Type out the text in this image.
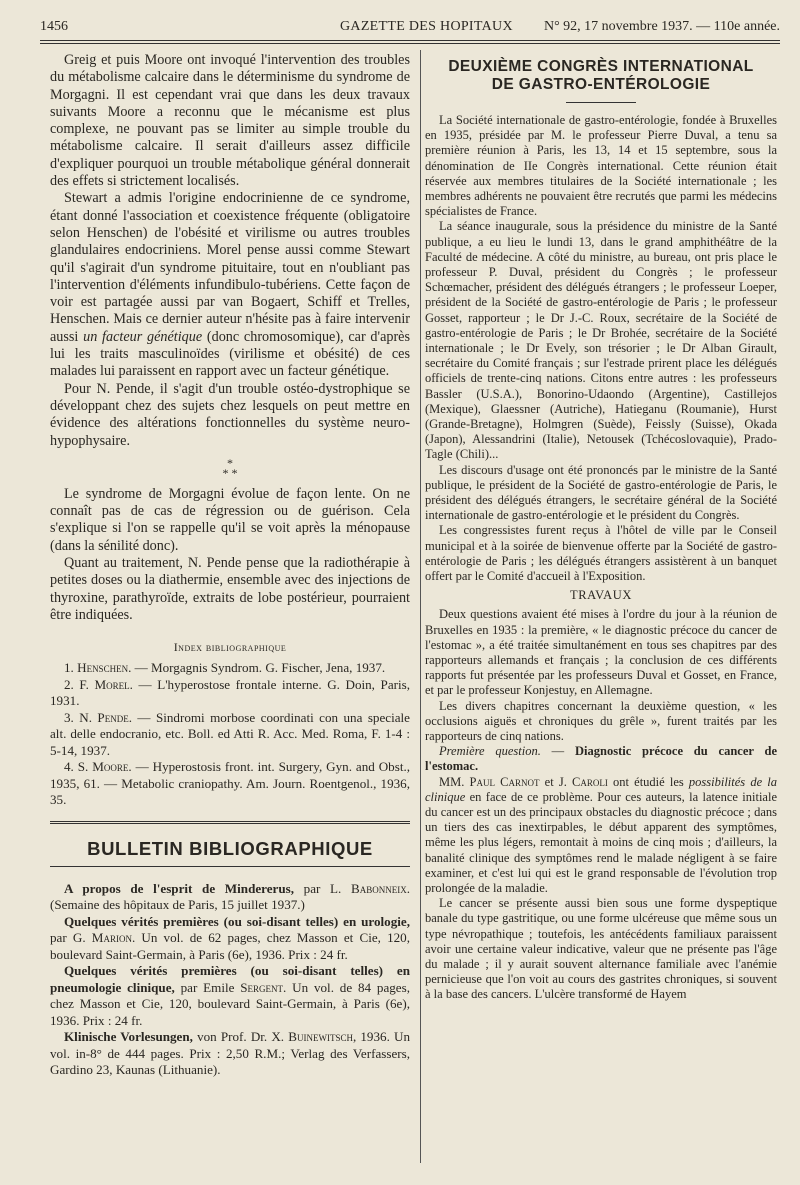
1456	GAZETTE DES HOPITAUX N° 92, 17 novembre 1937. — 110e année.

Greig et puis Moore ont invoqué l'intervention des troubles du métabolisme calcaire dans le déterminisme du syndrome de Morgagni. Il est cependant vrai que dans les deux travaux suivants Moore a reconnu que le mécanisme est plus complexe, ne pouvant pas se limiter au simple trouble du métabolisme calcaire. Il serait d'ailleurs assez difficile d'expliquer pourquoi un trouble métabolique général donnerait des effets si strictement localisés.

Stewart a admis l'origine endocrinienne de ce syndrome, étant donné l'association et coexistence fréquente (obligatoire selon Henschen) de l'obésité et virilisme ou autres troubles glandulaires endocriniens. Morel pense aussi comme Stewart qu'il s'agirait d'un syndrome pituitaire, tout en n'oubliant pas l'intervention d'éléments infundibulo-tubériens. Cette façon de voir est partagée aussi par van Bogaert, Schiff et Trelles, Henschen. Mais ce dernier auteur n'hésite pas à faire intervenir aussi un facteur génétique (donc chromosomique), car d'après lui les traits masculinoïdes (virilisme et obésité) de ces malades lui paraissent en rapport avec un facteur génétique.

Pour N. Pende, il s'agit d'un trouble ostéo-dystrophique se développant chez des sujets chez lesquels on peut mettre en évidence des altérations fonctionnelles du système neuro-hypophysaire.

*
* *

Le syndrome de Morgagni évolue de façon lente. On ne connaît pas de cas de régression ou de guérison. Cela s'explique si l'on se rappelle qu'il se voit après la ménopause (dans la sénilité donc).

Quant au traitement, N. Pende pense que la radiothérapie à petites doses ou la diathermie, ensemble avec des injections de thyroxine, parathyroïde, extraits de lobe postérieur, pourraient être indiquées.

Index bibliographique

1. Henschen. — Morgagnis Syndrom. G. Fischer, Jena, 1937.

2. F. Morel. — L'hyperostose frontale interne. G. Doin, Paris, 1931.

3. N. Pende. — Sindromi morbose coordinati con una speciale alt. delle endocranio, etc. Boll. ed Atti R. Acc. Med. Roma, F. 1-4 : 5-14, 1937.

4. S. Moore. — Hyperostosis front. int. Surgery, Gyn. and Obst., 1935, 61. — Metabolic craniopathy. Am. Journ. Roentgenol., 1936, 35.

BULLETIN BIBLIOGRAPHIQUE

A propos de l'esprit de Mindererus, par L. Babonneix. (Semaine des hôpitaux de Paris, 15 juillet 1937.)

Quelques vérités premières (ou soi-disant telles) en urologie, par G. Marion. Un vol. de 62 pages, chez Masson et Cie, 120, boulevard Saint-Germain, à Paris (6e), 1936. Prix : 24 fr.

Quelques vérités premières (ou soi-disant telles) en pneumologie clinique, par Emile Sergent. Un vol. de 84 pages, chez Masson et Cie, 120, boulevard Saint-Germain, à Paris (6e), 1936. Prix : 24 fr.

Klinische Vorlesungen, von Prof. Dr. X. Buinewitsch, 1936. Un vol. in-8° de 444 pages. Prix : 2,50 R.M.; Verlag des Verfassers, Gardino 23, Kaunas (Lithuanie).

DEUXIÈME CONGRÈS INTERNATIONAL
DE GASTRO-ENTÉROLOGIE

La Société internationale de gastro-entérologie, fondée à Bruxelles en 1935, présidée par M. le professeur Pierre Duval, a tenu sa première réunion à Paris, les 13, 14 et 15 septembre, sous la dénomination de IIe Congrès international. Cette réunion était réservée aux membres titulaires de la Société internationale ; les membres adhérents ne pouvaient être recrutés que parmi les médecins spécialistes de France.

La séance inaugurale, sous la présidence du ministre de la Santé publique, a eu lieu le lundi 13, dans le grand amphithéâtre de la Faculté de médecine. A côté du ministre, au bureau, ont pris place le professeur P. Duval, président du Congrès ; le professeur Schœmacher, président des délégués étrangers ; le professeur Loeper, président de la Société de gastro-entérologie de Paris ; le professeur Gosset, rapporteur ; le Dr J.-C. Roux, secrétaire de la Société de gastro-entérologie de Paris ; le Dr Brohée, secrétaire de la Société internationale ; le Dr Evely, son trésorier ; le Dr Alban Girault, secrétaire du Comité français ; sur l'estrade prirent place les délégués officiels de trente-cinq nations. Citons entre autres : les professeurs Bassler (U.S.A.), Bonorino-Udaondo (Argentine), Castillejos (Mexique), Glaessner (Autriche), Hatieganu (Roumanie), Hurst (Grande-Bretagne), Holmgren (Suède), Feissly (Suisse), Okada (Japon), Alessandrini (Italie), Netousek (Tchécoslovaquie), Prado-Tagle (Chili)...

Les discours d'usage ont été prononcés par le ministre de la Santé publique, le président de la Société de gastro-entérologie de Paris, le président des délégués étrangers, le secrétaire général de la Société internationale de gastro-entérologie et le président du Congrès.

Les congressistes furent reçus à l'hôtel de ville par le Conseil municipal et à la soirée de bienvenue offerte par la Société de gastro-entérologie de Paris ; les délégués étrangers assistèrent à un banquet offert par le Comité d'accueil à l'Exposition.

TRAVAUX

Deux questions avaient été mises à l'ordre du jour à la réunion de Bruxelles en 1935 : la première, « le diagnostic précoce du cancer de l'estomac », a été traitée simultanément en tous ses chapitres par des rapporteurs allemands et français ; la conclusion de ces différents rapports fut présentée par les professeurs Duval et Gosset, en France, et par le professeur Konjestuy, en Allemagne.

Les divers chapitres concernant la deuxième question, « les occlusions aiguës et chroniques du grêle », furent traités par les rapporteurs de cinq nations.

Première question. — Diagnostic précoce du cancer de l'estomac.

MM. Paul Carnot et J. Caroli ont étudié les possibilités de la clinique en face de ce problème. Pour ces auteurs, la latence initiale du cancer est un des principaux obstacles du diagnostic précoce ; dans un tiers des cas inextirpables, le début apparent des symptômes, même les plus légers, remontait à moins de cinq mois ; d'ailleurs, la banalité clinique des symptômes rend le malade négligent à se faire examiner, et c'est lui qui est le grand responsable de l'évolution trop prolongée de la maladie.

Le cancer se présente aussi bien sous une forme dyspeptique banale du type gastritique, ou une forme ulcéreuse que même sous un type névropathique ; toutefois, les antécédents familiaux paraissent avoir une certaine valeur indicative, valeur que ne présente pas l'âge du malade ; il y aurait souvent alternance familiale avec l'anémie pernicieuse que l'on voit au cours des gastrites chroniques, si souvent à la base des cancers. L'ulcère transformé de Hayem
